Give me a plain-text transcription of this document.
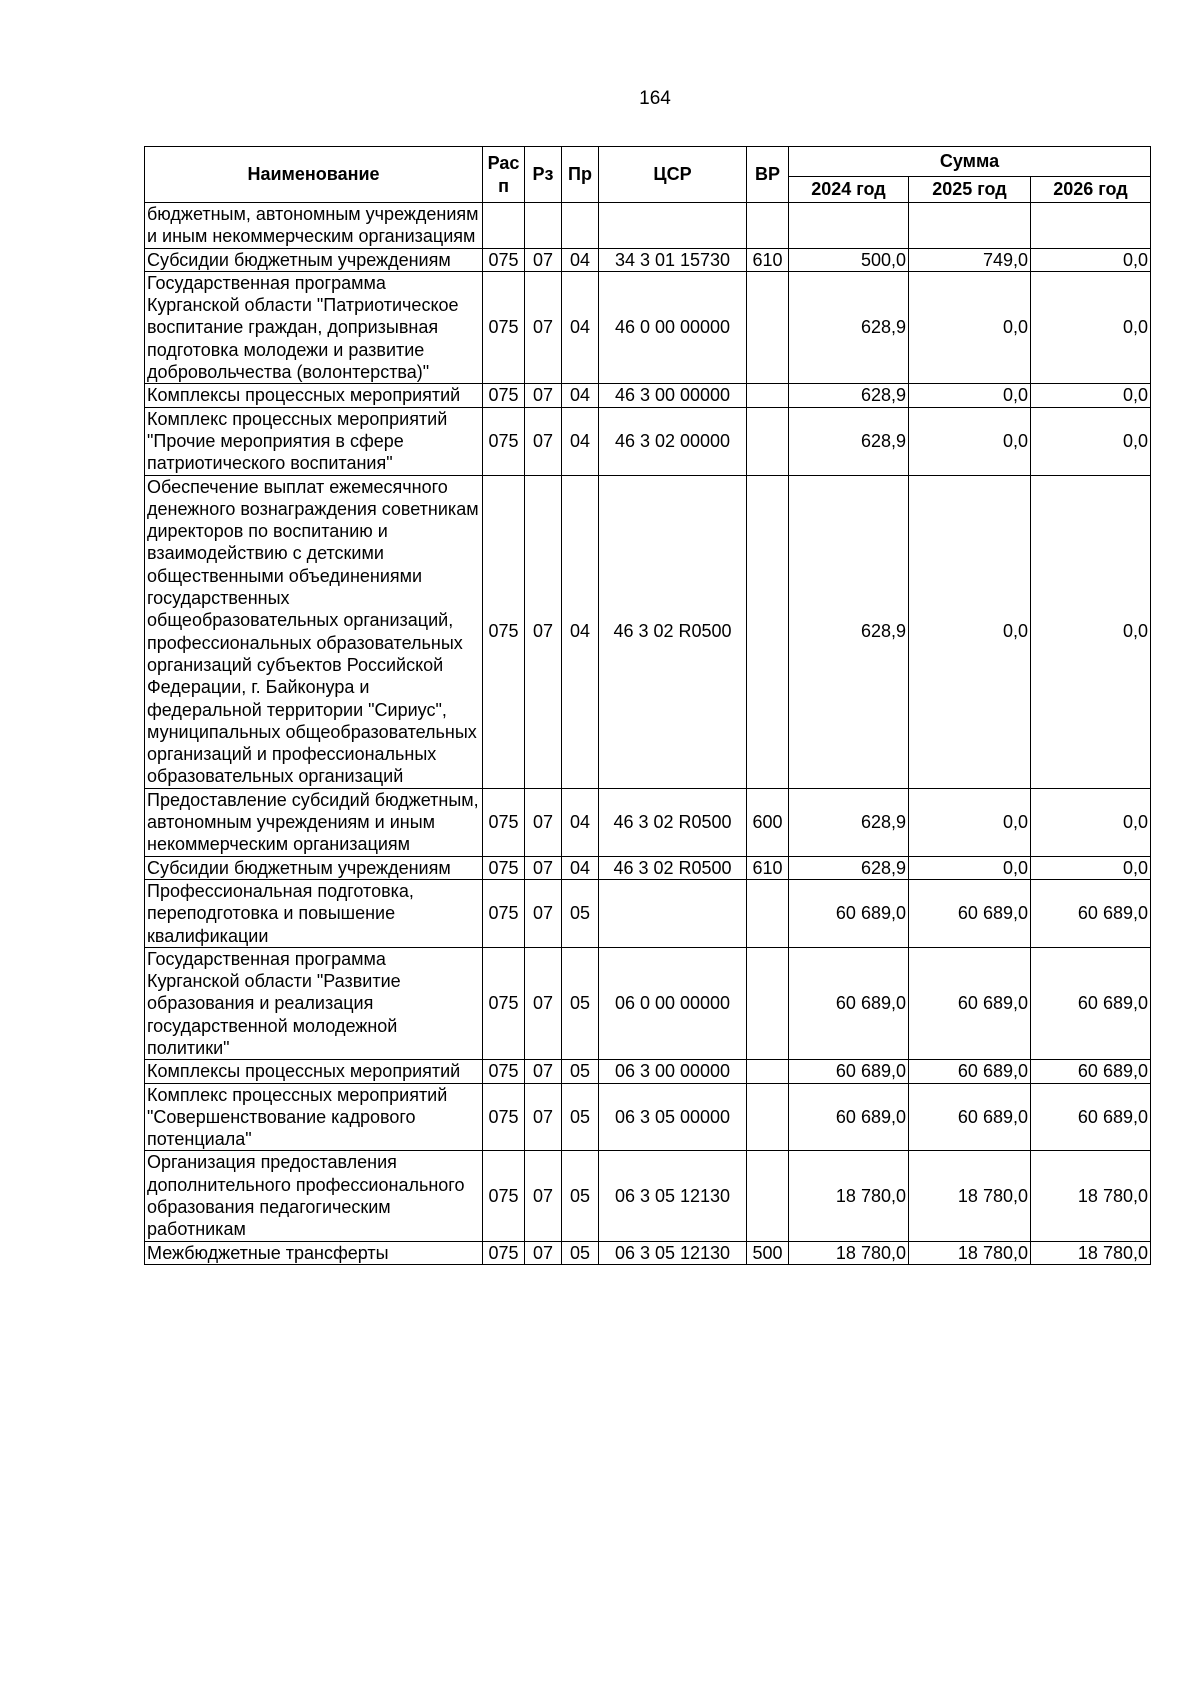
164
Наименование	Рас п	Рз	Пр	ЦСР	ВР	Сумма		
						2024 год	2025 год	2026 год
бюджетным, автономным учреждениям и иным некоммерческим организациям								
Субсидии бюджетным учреждениям	075	07	04	34 3 01 15730	610	500,0	749,0	0,0
Государственная программа Курганской области "Патриотическое воспитание граждан, допризывная подготовка молодежи и развитие добровольчества (волонтерства)"	075	07	04	46 0 00 00000		628,9	0,0	0,0
Комплексы процессных мероприятий	075	07	04	46 3 00 00000		628,9	0,0	0,0
Комплекс процессных мероприятий "Прочие мероприятия в сфере патриотического воспитания"	075	07	04	46 3 02 00000		628,9	0,0	0,0
Обеспечение выплат ежемесячного денежного вознаграждения советникам директоров по воспитанию и взаимодействию с детскими общественными объединениями государственных общеобразовательных организаций, профессиональных образовательных организаций субъектов Российской Федерации, г. Байконура и федеральной территории "Сириус", муниципальных общеобразовательных организаций и профессиональных образовательных организаций	075	07	04	46 3 02 R0500		628,9	0,0	0,0
Предоставление субсидий бюджетным, автономным учреждениям и иным некоммерческим организациям	075	07	04	46 3 02 R0500	600	628,9	0,0	0,0
Субсидии бюджетным учреждениям	075	07	04	46 3 02 R0500	610	628,9	0,0	0,0
Профессиональная подготовка, переподготовка и повышение квалификации	075	07	05			60 689,0	60 689,0	60 689,0
Государственная программа Курганской области "Развитие образования и реализация государственной молодежной политики"	075	07	05	06 0 00 00000		60 689,0	60 689,0	60 689,0
Комплексы процессных мероприятий	075	07	05	06 3 00 00000		60 689,0	60 689,0	60 689,0
Комплекс процессных мероприятий "Совершенствование кадрового потенциала"	075	07	05	06 3 05 00000		60 689,0	60 689,0	60 689,0
Организация предоставления дополнительного профессионального образования педагогическим работникам	075	07	05	06 3 05 12130		18 780,0	18 780,0	18 780,0
Межбюджетные трансферты	075	07	05	06 3 05 12130	500	18 780,0	18 780,0	18 780,0
